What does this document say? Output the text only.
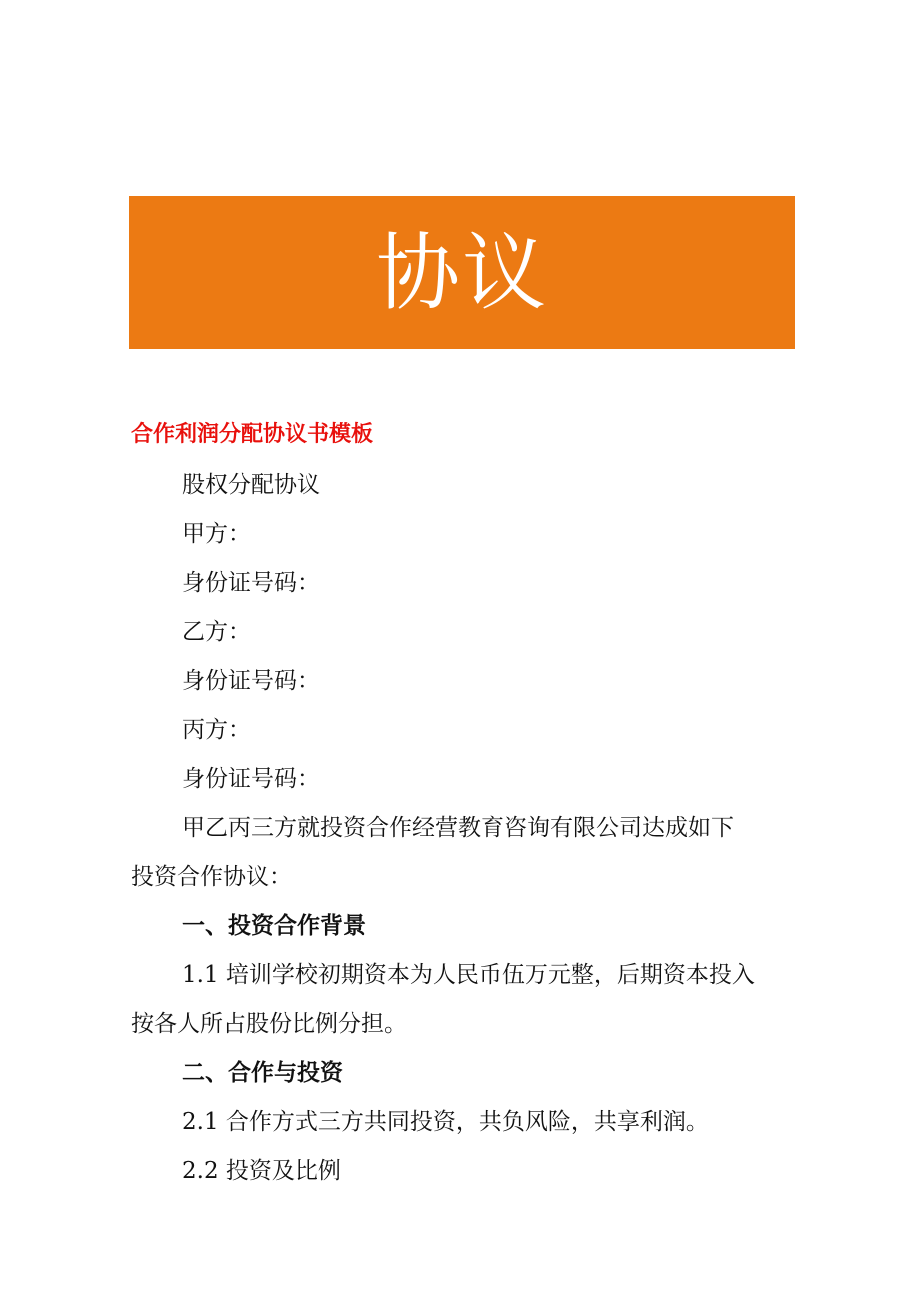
协议
合作利润分配协议书模板
股权分配协议
甲方：
身份证号码：
乙方：
身份证号码：
丙方：
身份证号码：
甲乙丙三方就投资合作经营教育咨询有限公司达成如下
投资合作协议：
一、投资合作背景
1.1 培训学校初期资本为人民币伍万元整，后期资本投入
按各人所占股份比例分担。
二、合作与投资
2.1 合作方式三方共同投资，共负风险，共享利润。
2.2 投资及比例
